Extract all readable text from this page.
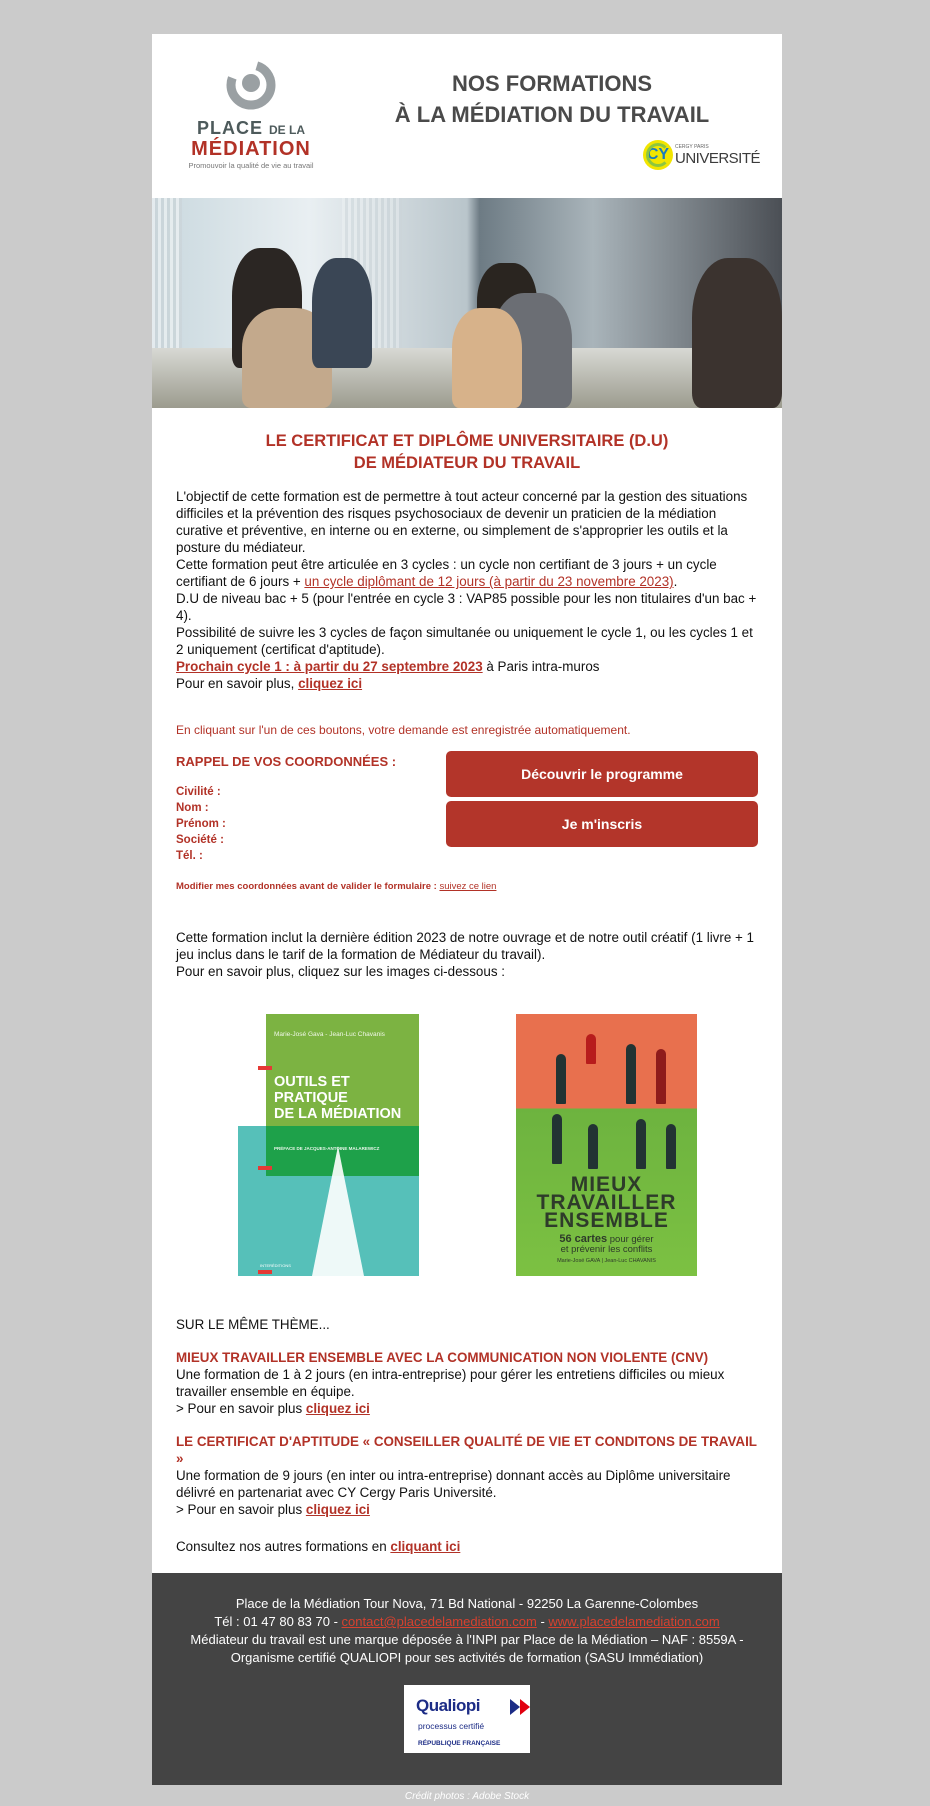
PLACE DE LA
MÉDIATION
Promouvoir la qualité de vie au travail
NOS FORMATIONS
À LA MÉDIATION DU TRAVAIL
CY	CERGY PARIS
UNIVERSITÉ
LE CERTIFICAT ET DIPLÔME UNIVERSITAIRE (D.U)
DE MÉDIATEUR DU TRAVAIL

L'objectif de cette formation est de permettre à tout acteur concerné par la gestion des situations difficiles et la prévention des risques psychosociaux de devenir un praticien de la médiation curative et préventive, en interne ou en externe, ou simplement de s'approprier les outils et la posture du médiateur.

Cette formation peut être articulée en 3 cycles : un cycle non certifiant de 3 jours + un cycle certifiant de 6 jours + un cycle diplômant de 12 jours (à partir du 23 novembre 2023).

D.U de niveau bac + 5 (pour l'entrée en cycle 3 : VAP85 possible pour les non titulaires d'un bac + 4).

Possibilité de suivre les 3 cycles de façon simultanée ou uniquement le cycle 1, ou les cycles 1 et 2 uniquement (certificat d'aptitude).

Prochain cycle 1 : à partir du 27 septembre 2023 à Paris intra-muros

Pour en savoir plus, cliquez ici

En cliquant sur l'un de ces boutons, votre demande est enregistrée automatiquement.
RAPPEL DE VOS COORDONNÉES :
Civilité :
Nom :
Prénom :
Société :
Tél. :
Découvrir le programme
Je m'inscris
Modifier mes coordonnées avant de valider le formulaire : suivez ce lien
Cette formation inclut la dernière édition 2023 de notre ouvrage et de notre outil créatif (1 livre + 1 jeu inclus dans le tarif de la formation de Médiateur du travail).
Pour en savoir plus, cliquez sur les images ci-dessous :
Marie-José Gava - Jean-Luc Chavanis
OUTILS ET
PRATIQUE
DE LA MÉDIATION
PRÉFACE DE JACQUES-ANTOINE MALAREWICZ
INTERÉDITIONS
MIEUX
TRAVAILLER
ENSEMBLE
56 cartes pour gérer
et prévenir les conflits
Marie-José GAVA | Jean-Luc CHAVANIS
SUR LE MÊME THÈME...
MIEUX TRAVAILLER ENSEMBLE AVEC LA COMMUNICATION NON VIOLENTE (CNV)

Une formation de 1 à 2 jours (en intra-entreprise) pour gérer les entretiens difficiles ou mieux travailler ensemble en équipe.

> Pour en savoir plus cliquez ici

LE CERTIFICAT D'APTITUDE « CONSEILLER QUALITÉ DE VIE ET CONDITONS DE TRAVAIL »

Une formation de 9 jours (en inter ou intra-entreprise) donnant accès au Diplôme universitaire délivré en partenariat avec CY Cergy Paris Université.

> Pour en savoir plus cliquez ici

Consultez nos autres formations en cliquant ici
Place de la Médiation Tour Nova, 71 Bd National - 92250 La Garenne-Colombes
Tél : 01 47 80 83 70 - contact@placedelamediation.com - www.placedelamediation.com
Médiateur du travail est une marque déposée à l'INPI par Place de la Médiation – NAF : 8559A - Organisme certifié QUALIOPI pour ses activités de formation (SASU Immédiation)
Qualiopi
processus certifié
RÉPUBLIQUE FRANÇAISE
Crédit photos : Adobe Stock
